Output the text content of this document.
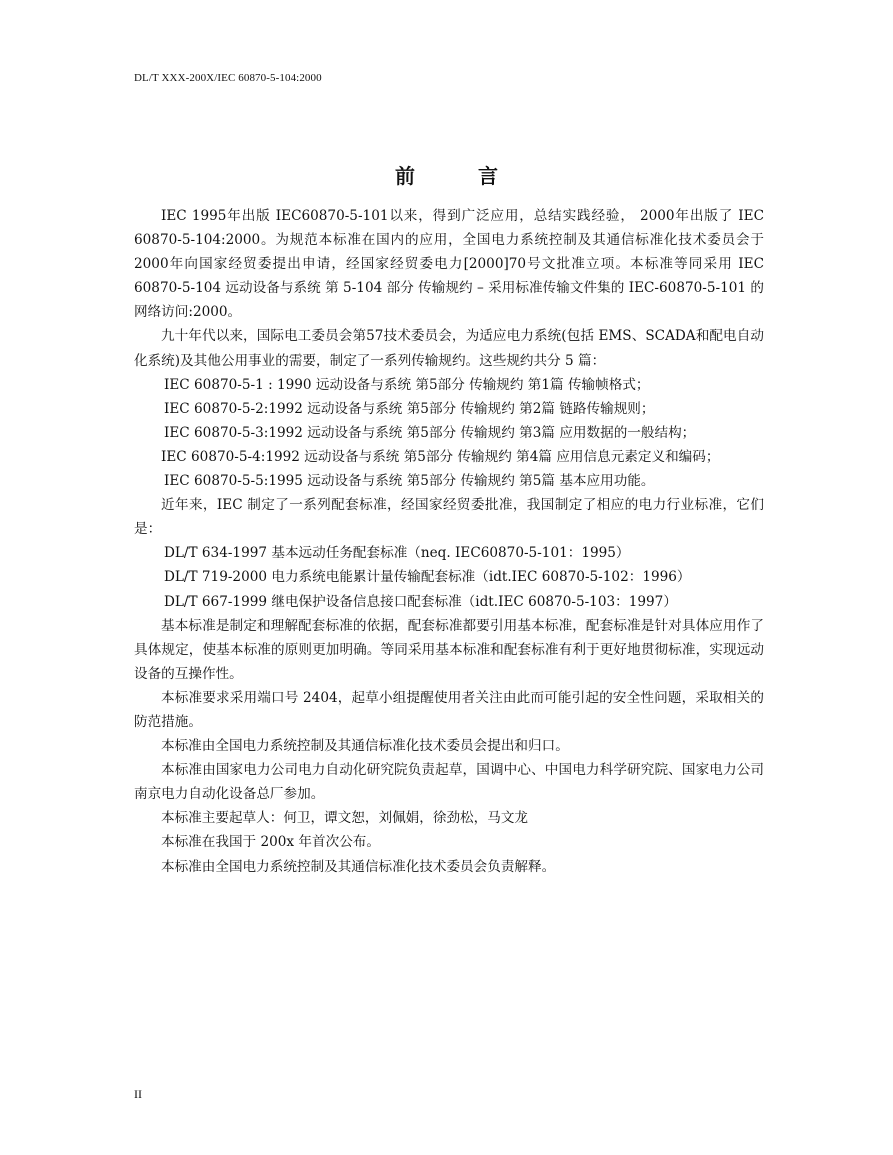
DL/T XXX-200X/IEC 60870-5-104:2000
前 言
IEC 1995年出版 IEC60870-5-101以来，得到广泛应用，总结实践经验， 2000年出版了 IEC 60870-5-104:2000。为规范本标准在国内的应用，全国电力系统控制及其通信标准化技术委员会于2000年向国家经贸委提出申请，经国家经贸委电力[2000]70号文批准立项。本标准等同采用 IEC 60870-5-104 远动设备与系统 第 5-104 部分 传输规约 – 采用标准传输文件集的 IEC-60870-5-101 的网络访问:2000。
九十年代以来，国际电工委员会第57技术委员会，为适应电力系统(包括 EMS、SCADA和配电自动化系统)及其他公用事业的需要，制定了一系列传输规约。这些规约共分 5 篇：
IEC 60870-5-1 : 1990 远动设备与系统 第5部分 传输规约 第1篇 传输帧格式；
IEC 60870-5-2:1992 远动设备与系统 第5部分 传输规约 第2篇 链路传输规则；
IEC 60870-5-3:1992 远动设备与系统 第5部分 传输规约 第3篇 应用数据的一般结构；
IEC 60870-5-4:1992 远动设备与系统 第5部分 传输规约 第4篇 应用信息元素定义和编码；
IEC 60870-5-5:1995 远动设备与系统 第5部分 传输规约 第5篇 基本应用功能。
近年来，IEC 制定了一系列配套标准，经国家经贸委批准，我国制定了相应的电力行业标准，它们是：
DL/T 634-1997 基本远动任务配套标准（neq. IEC60870-5-101：1995）
DL/T 719-2000 电力系统电能累计量传输配套标准（idt.IEC 60870-5-102：1996）
DL/T 667-1999 继电保护设备信息接口配套标准（idt.IEC 60870-5-103：1997）
基本标准是制定和理解配套标准的依据，配套标准都要引用基本标准，配套标准是针对具体应用作了具体规定，使基本标准的原则更加明确。等同采用基本标准和配套标准有利于更好地贯彻标准，实现远动设备的互操作性。
本标准要求采用端口号 2404，起草小组提醒使用者关注由此而可能引起的安全性问题，采取相关的防范措施。
本标准由全国电力系统控制及其通信标准化技术委员会提出和归口。
本标准由国家电力公司电力自动化研究院负责起草，国调中心、中国电力科学研究院、国家电力公司南京电力自动化设备总厂参加。
本标准主要起草人：何卫，谭文恕，刘佩娟，徐劲松，马文龙
本标准在我国于 200x 年首次公布。
本标准由全国电力系统控制及其通信标准化技术委员会负责解释。
II
